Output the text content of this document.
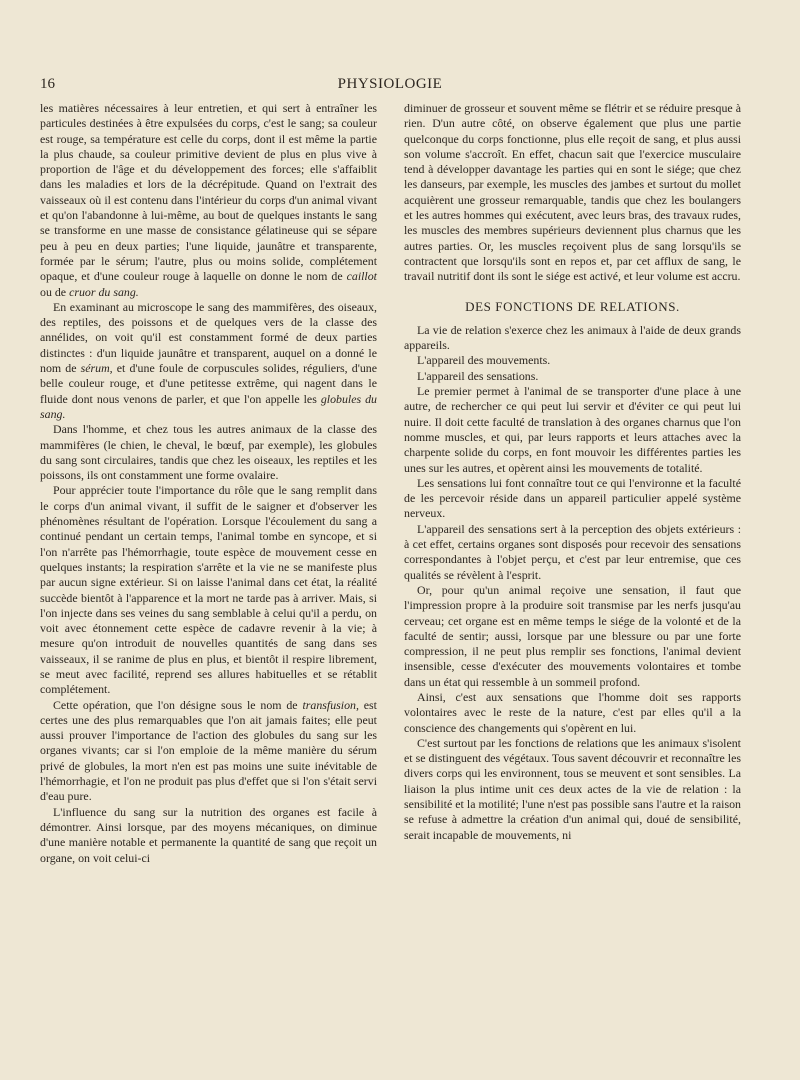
16	PHYSIOLOGIE

les matières nécessaires à leur entretien, et qui sert à entraîner les particules destinées à être expulsées du corps, c'est le sang; sa couleur est rouge, sa température est celle du corps, dont il est même la partie la plus chaude, sa couleur primitive devient de plus en plus vive à proportion de l'âge et du développement des forces; elle s'affaiblit dans les maladies et lors de la décrépitude. Quand on l'extrait des vaisseaux où il est contenu dans l'intérieur du corps d'un animal vivant et qu'on l'abandonne à lui-même, au bout de quelques instants le sang se transforme en une masse de consistance gélatineuse qui se sépare peu à peu en deux parties; l'une liquide, jaunâtre et transparente, formée par le sérum; l'autre, plus ou moins solide, complétement opaque, et d'une couleur rouge à laquelle on donne le nom de caillot ou de cruor du sang.

En examinant au microscope le sang des mammifères, des oiseaux, des reptiles, des poissons et de quelques vers de la classe des annélides, on voit qu'il est constamment formé de deux parties distinctes : d'un liquide jaunâtre et transparent, auquel on a donné le nom de sérum, et d'une foule de corpuscules solides, réguliers, d'une belle couleur rouge, et d'une petitesse extrême, qui nagent dans le fluide dont nous venons de parler, et que l'on appelle les globules du sang.

Dans l'homme, et chez tous les autres animaux de la classe des mammifères (le chien, le cheval, le bœuf, par exemple), les globules du sang sont circulaires, tandis que chez les oiseaux, les reptiles et les poissons, ils ont constamment une forme ovalaire.

Pour apprécier toute l'importance du rôle que le sang remplit dans le corps d'un animal vivant, il suffit de le saigner et d'observer les phénomènes résultant de l'opération. Lorsque l'écoulement du sang a continué pendant un certain temps, l'animal tombe en syncope, et si l'on n'arrête pas l'hémorrhagie, toute espèce de mouvement cesse en quelques instants; la respiration s'arrête et la vie ne se manifeste plus par aucun signe extérieur. Si on laisse l'animal dans cet état, la réalité succède bientôt à l'apparence et la mort ne tarde pas à arriver. Mais, si l'on injecte dans ses veines du sang semblable à celui qu'il a perdu, on voit avec étonnement cette espèce de cadavre revenir à la vie; à mesure qu'on introduit de nouvelles quantités de sang dans ses vaisseaux, il se ranime de plus en plus, et bientôt il respire librement, se meut avec facilité, reprend ses allures habituelles et se rétablit complétement.

Cette opération, que l'on désigne sous le nom de transfusion, est certes une des plus remarquables que l'on ait jamais faites; elle peut aussi prouver l'importance de l'action des globules du sang sur les organes vivants; car si l'on emploie de la même manière du sérum privé de globules, la mort n'en est pas moins une suite inévitable de l'hémorrhagie, et l'on ne produit pas plus d'effet que si l'on s'était servi d'eau pure.

L'influence du sang sur la nutrition des organes est facile à démontrer. Ainsi lorsque, par des moyens mécaniques, on diminue d'une manière notable et permanente la quantité de sang que reçoit un organe, on voit celui-ci

diminuer de grosseur et souvent même se flétrir et se réduire presque à rien. D'un autre côté, on observe également que plus une partie quelconque du corps fonctionne, plus elle reçoit de sang, et plus aussi son volume s'accroît. En effet, chacun sait que l'exercice musculaire tend à développer davantage les parties qui en sont le siége; que chez les danseurs, par exemple, les muscles des jambes et surtout du mollet acquièrent une grosseur remarquable, tandis que chez les boulangers et les autres hommes qui exécutent, avec leurs bras, des travaux rudes, les muscles des membres supérieurs deviennent plus charnus que les autres parties. Or, les muscles reçoivent plus de sang lorsqu'ils se contractent que lorsqu'ils sont en repos et, par cet afflux de sang, le travail nutritif dont ils sont le siége est activé, et leur volume est accru.

DES FONCTIONS DE RELATIONS.

La vie de relation s'exerce chez les animaux à l'aide de deux grands appareils.

L'appareil des mouvements.

L'appareil des sensations.

Le premier permet à l'animal de se transporter d'une place à une autre, de rechercher ce qui peut lui servir et d'éviter ce qui peut lui nuire. Il doit cette faculté de translation à des organes charnus que l'on nomme muscles, et qui, par leurs rapports et leurs attaches avec la charpente solide du corps, en font mouvoir les différentes parties les unes sur les autres, et opèrent ainsi les mouvements de totalité.

Les sensations lui font connaître tout ce qui l'environne et la faculté de les percevoir réside dans un appareil particulier appelé système nerveux.

L'appareil des sensations sert à la perception des objets extérieurs : à cet effet, certains organes sont disposés pour recevoir des sensations correspondantes à l'objet perçu, et c'est par leur entremise, que ces qualités se révèlent à l'esprit.

Or, pour qu'un animal reçoive une sensation, il faut que l'impression propre à la produire soit transmise par les nerfs jusqu'au cerveau; cet organe est en même temps le siége de la volonté et de la faculté de sentir; aussi, lorsque par une blessure ou par une forte compression, il ne peut plus remplir ses fonctions, l'animal devient insensible, cesse d'exécuter des mouvements volontaires et tombe dans un état qui ressemble à un sommeil profond.

Ainsi, c'est aux sensations que l'homme doit ses rapports volontaires avec le reste de la nature, c'est par elles qu'il a la conscience des changements qui s'opèrent en lui.

C'est surtout par les fonctions de relations que les animaux s'isolent et se distinguent des végétaux. Tous savent découvrir et reconnaître les divers corps qui les environnent, tous se meuvent et sont sensibles. La liaison la plus intime unit ces deux actes de la vie de relation : la sensibilité et la motilité; l'une n'est pas possible sans l'autre et la raison se refuse à admettre la création d'un animal qui, doué de sensibilité, serait incapable de mouvements, ni
